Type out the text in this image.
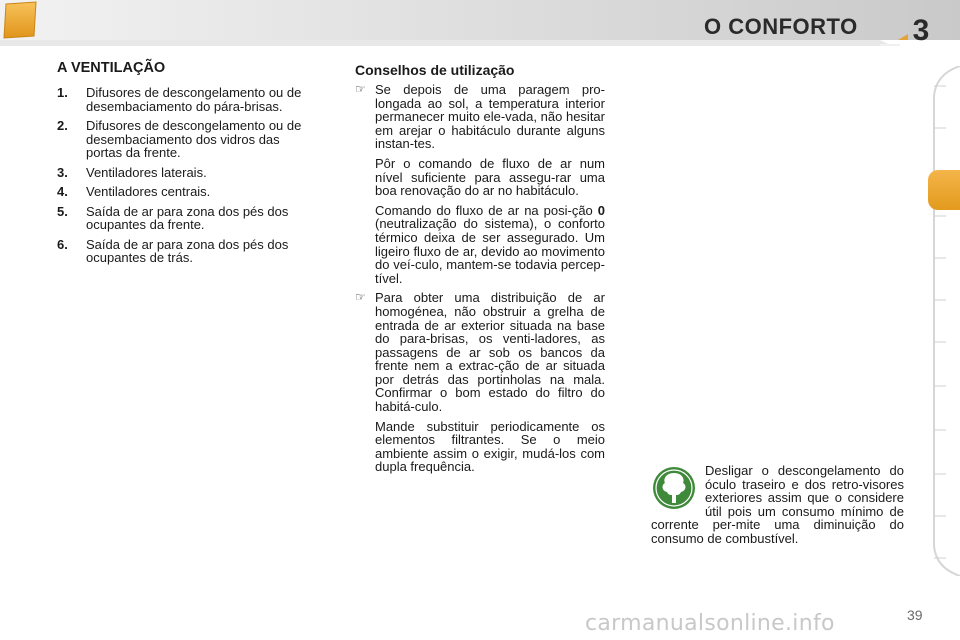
O CONFORTO 3
A VENTILAÇÃO
1. Difusores de descongelamento ou de desembaciamento do pára-brisas.
2. Difusores de descongelamento ou de desembaciamento dos vidros das portas da frente.
3. Ventiladores laterais.
4. Ventiladores centrais.
5. Saída de ar para zona dos pés dos ocupantes da frente.
6. Saída de ar para zona dos pés dos ocupantes de trás.
Conselhos de utilização
☞ Se depois de uma paragem pro-longada ao sol, a temperatura interior permanecer muito ele-vada, não hesitar em arejar o habitáculo durante alguns instan-tes.

Pôr o comando de fluxo de ar num nível suficiente para assegu-rar uma boa renovação do ar no habitáculo.

Comando do fluxo de ar na posi-ção 0 (neutralização do sistema), o conforto térmico deixa de ser assegurado. Um ligeiro fluxo de ar, devido ao movimento do veí-culo, mantem-se todavia percep-tível.

☞ Para obter uma distribuição de ar homogénea, não obstruir a grelha de entrada de ar exterior situada na base do para-brisas, os venti-ladores, as passagens de ar sob os bancos da frente nem a extrac-ção de ar situada por detrás das portinholas na mala. Confirmar o bom estado do filtro do habitá-culo.

Mande substituir periodicamente os elementos filtrantes. Se o meio ambiente assim o exigir, mudá-los com dupla frequência.	Desligar o descongelamento do óculo traseiro e dos retro-visores exteriores assim que o considere útil pois um consumo mínimo de corrente per-mite uma diminuição do consumo de combustível.
carmanualsonline.info	39
